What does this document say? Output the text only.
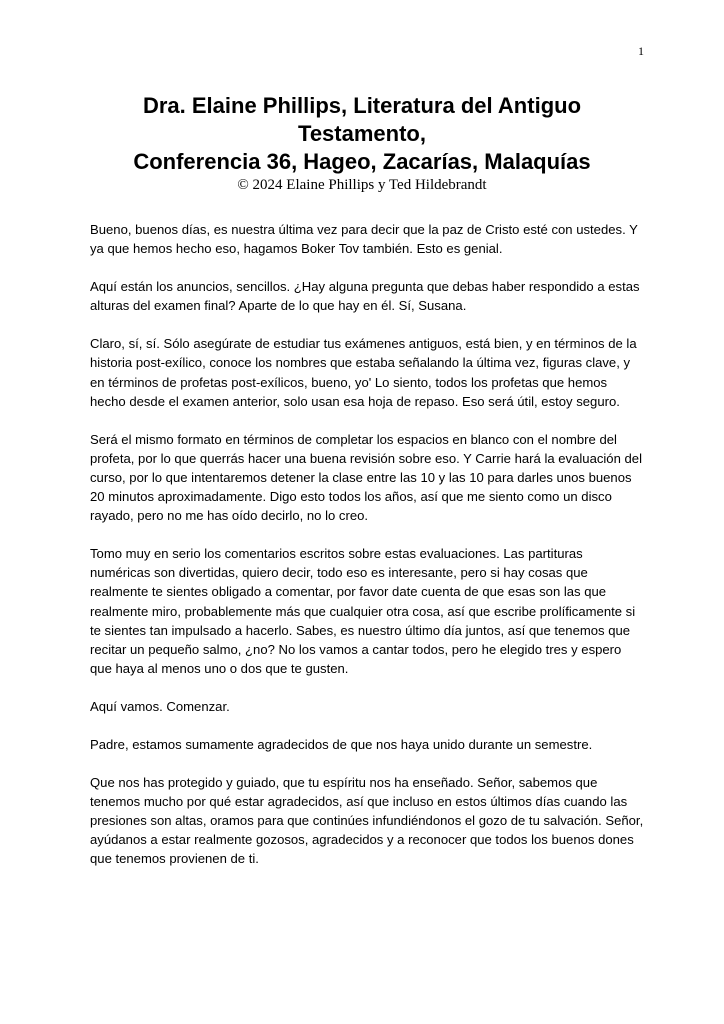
1

Dra. Elaine Phillips, Literatura del Antiguo

Testamento,

Conferencia 36, Hageo, Zacarías, Malaquías

© 2024 Elaine Phillips y Ted Hildebrandt

Bueno, buenos días, es nuestra última vez para decir que la paz de Cristo esté con ustedes. Y ya que hemos hecho eso, hagamos Boker Tov también. Esto es genial.

Aquí están los anuncios, sencillos. ¿Hay alguna pregunta que debas haber respondido a estas alturas del examen final? Aparte de lo que hay en él. Sí, Susana.

Claro, sí, sí. Sólo asegúrate de estudiar tus exámenes antiguos, está bien, y en términos de la historia post-exílico, conoce los nombres que estaba señalando la última vez, figuras clave, y en términos de profetas post-exílicos, bueno, yo' Lo siento, todos los profetas que hemos hecho desde el examen anterior, solo usan esa hoja de repaso. Eso será útil, estoy seguro.

Será el mismo formato en términos de completar los espacios en blanco con el nombre del profeta, por lo que querrás hacer una buena revisión sobre eso. Y Carrie hará la evaluación del curso, por lo que intentaremos detener la clase entre las 10 y las 10 para darles unos buenos 20 minutos aproximadamente. Digo esto todos los años, así que me siento como un disco rayado, pero no me has oído decirlo, no lo creo.

Tomo muy en serio los comentarios escritos sobre estas evaluaciones. Las partituras numéricas son divertidas, quiero decir, todo eso es interesante, pero si hay cosas que realmente te sientes obligado a comentar, por favor date cuenta de que esas son las que realmente miro, probablemente más que cualquier otra cosa, así que escribe prolíficamente si te sientes tan impulsado a hacerlo. Sabes, es nuestro último día juntos, así que tenemos que recitar un pequeño salmo, ¿no? No los vamos a cantar todos, pero he elegido tres y espero que haya al menos uno o dos que te gusten.

Aquí vamos. Comenzar.

Padre, estamos sumamente agradecidos de que nos haya unido durante un semestre.

Que nos has protegido y guiado, que tu espíritu nos ha enseñado. Señor, sabemos que tenemos mucho por qué estar agradecidos, así que incluso en estos últimos días cuando las presiones son altas, oramos para que continúes infundiéndonos el gozo de tu salvación. Señor, ayúdanos a estar realmente gozosos, agradecidos y a reconocer que todos los buenos dones que tenemos provienen de ti.
